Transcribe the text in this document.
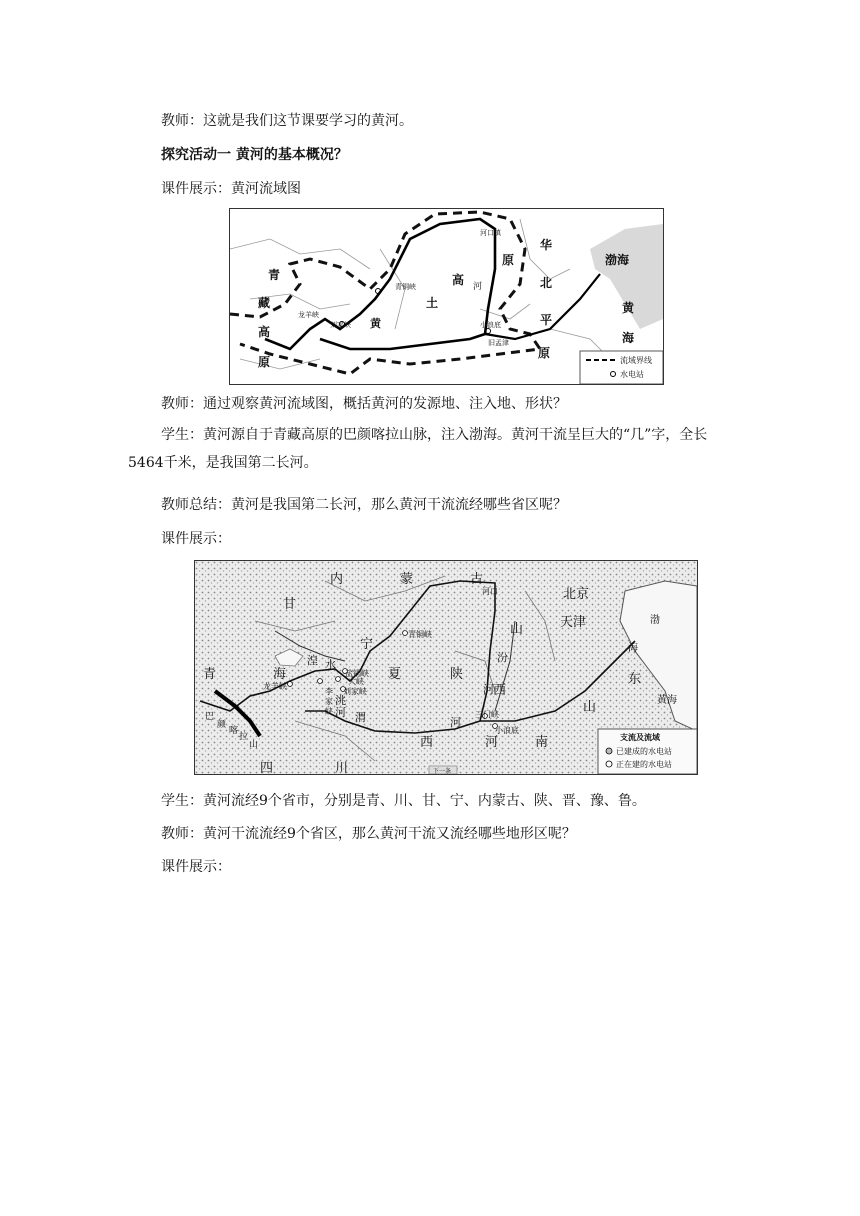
教师：这就是我们这节课要学习的黄河。
探究活动一 黄河的基本概况？
课件展示：黄河流域图
青
藏
高
原
土
高
华
北
平
原
原	渤海
黄
海
黄
河
河口镇
青铜峡
龙羊峡
刘家峡	小浪底
旧孟津
流域界线
水电站
教师：通过观察黄河流域图，概括黄河的发源地、注入地、形状？
学生：黄河源自于青藏高原的巴颜喀拉山脉，注入渤海。黄河干流呈巨大的“几”字，全长5464千米，是我国第二长河。
教师总结：黄河是我国第二长河，那么黄河干流流经哪些省区呢？
课件展示：
内	蒙	古
甘
青	海
宁
夏	陕
西
山
西	河	南
山
东
四	川
北京
天津	渤
海
黄海
湟 水
洮
河 渭	河
汾
河
河口
青铜峡
盐锅峡
大峡
刘家峡
龙羊峡
李
家
峡	三门峡
小浪底
巴
颜
喀
拉
山
支流及流域
已建成的水电站
正在建的水电站
下一条
学生：黄河流经9个省市，分别是青、川、甘、宁、内蒙古、陕、晋、豫、鲁。
教师：黄河干流流经9个省区，那么黄河干流又流经哪些地形区呢？
课件展示：
